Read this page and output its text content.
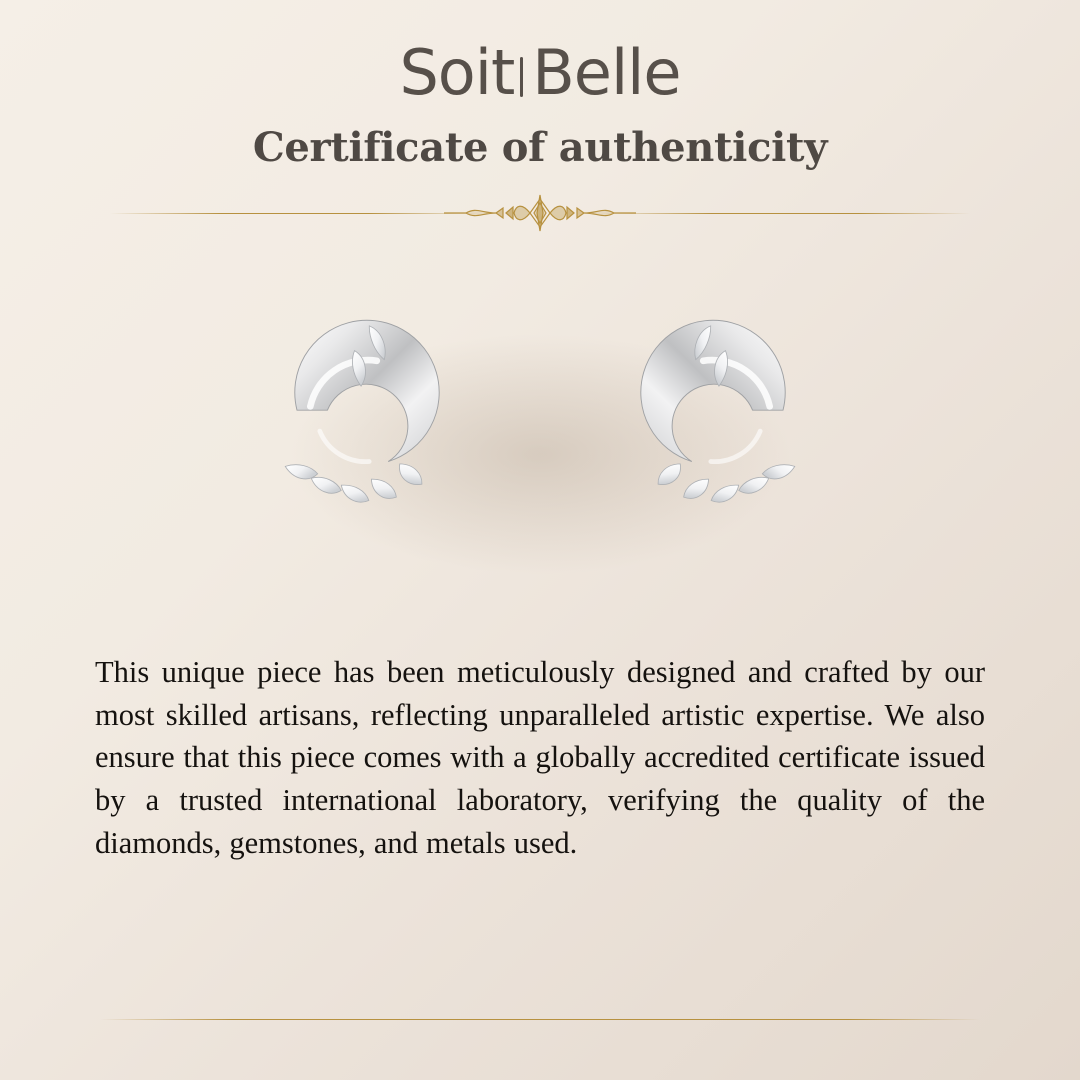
Soit Belle
Certificate of authenticity

This unique piece has been meticulously designed and crafted by our most skilled artisans, reflecting unparalleled artistic expertise. We also ensure that this piece comes with a globally accredited certificate issued by a trusted international laboratory, verifying the quality of the diamonds, gemstones, and metals used.
